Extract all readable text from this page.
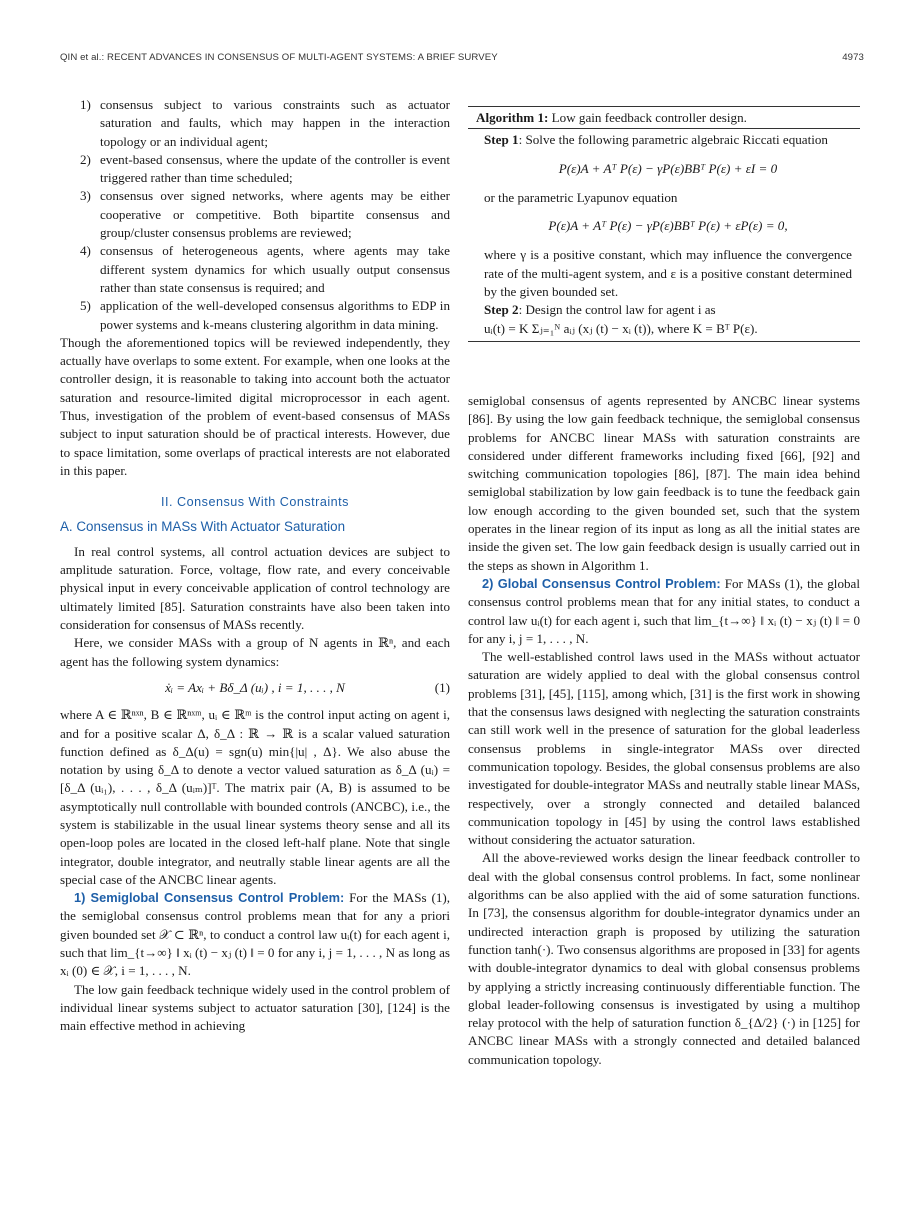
QIN et al.: RECENT ADVANCES IN CONSENSUS OF MULTI-AGENT SYSTEMS: A BRIEF SURVEY	4973
1) consensus subject to various constraints such as actuator saturation and faults, which may happen in the interaction topology or an individual agent;
2) event-based consensus, where the update of the controller is event triggered rather than time scheduled;
3) consensus over signed networks, where agents may be either cooperative or competitive. Both bipartite consensus and group/cluster consensus problems are reviewed;
4) consensus of heterogeneous agents, where agents may take different system dynamics for which usually output consensus rather than state consensus is required; and
5) application of the well-developed consensus algorithms to EDP in power systems and k-means clustering algorithm in data mining.

Though the aforementioned topics will be reviewed independently, they actually have overlaps to some extent. For example, when one looks at the controller design, it is reasonable to taking into account both the actuator saturation and resource-limited digital microprocessor in each agent. Thus, investigation of the problem of event-based consensus of MASs subject to input saturation should be of practical interests. However, due to space limitation, some overlaps of practical interests are not elaborated in this paper.

II. Consensus With Constraints
A. Consensus in MASs With Actuator Saturation

In real control systems, all control actuation devices are subject to amplitude saturation. Force, voltage, flow rate, and every conceivable physical input in every conceivable application of control technology are ultimately limited [85]. Saturation constraints have also been taken into consideration for consensus of MASs recently.

Here, we consider MASs with a group of N agents in ℝⁿ, and each agent has the following system dynamics:

ẋᵢ = Axᵢ + Bδ_Δ (uᵢ) , i = 1, . . . , N	(1)

where A ∈ ℝⁿˣⁿ, B ∈ ℝⁿˣᵐ, uᵢ ∈ ℝᵐ is the control input acting on agent i, and for a positive scalar Δ, δ_Δ : ℝ → ℝ is a scalar valued saturation function defined as δ_Δ(u) = sgn(u) min{|u| , Δ}. We also abuse the notation by using δ_Δ to denote a vector valued saturation as δ_Δ (uᵢ) = [δ_Δ (uᵢ₁), . . . , δ_Δ (uᵢₘ)]ᵀ. The matrix pair (A, B) is assumed to be asymptotically null controllable with bounded controls (ANCBC), i.e., the system is stabilizable in the usual linear systems theory sense and all its open-loop poles are located in the closed left-half plane. Note that single integrator, double integrator, and neutrally stable linear agents are all the special case of the ANCBC linear agents.

1) Semiglobal Consensus Control Problem: For the MASs (1), the semiglobal consensus control problems mean that for any a priori given bounded set 𝒳 ⊂ ℝⁿ, to conduct a control law uᵢ(t) for each agent i, such that lim_{t→∞} ‖ xᵢ (t) − xⱼ (t) ‖ = 0 for any i, j = 1, . . . , N as long as xᵢ (0) ∈ 𝒳, i = 1, . . . , N.

The low gain feedback technique widely used in the control problem of individual linear systems subject to actuator saturation [30], [124] is the main effective method in achieving

Algorithm 1: Low gain feedback controller design.
Step 1: Solve the following parametric algebraic Riccati equation
P(ε)A + Aᵀ P(ε) − γP(ε)BBᵀ P(ε) + εI = 0
or the parametric Lyapunov equation
P(ε)A + Aᵀ P(ε) − γP(ε)BBᵀ P(ε) + εP(ε) = 0,
where γ is a positive constant, which may influence the convergence rate of the multi-agent system, and ε is a positive constant determined by the given bounded set.
Step 2: Design the control law for agent i as
uᵢ(t) = K Σⱼ₌₁ᴺ aᵢⱼ (xⱼ (t) − xᵢ (t)), where K = Bᵀ P(ε).

semiglobal consensus of agents represented by ANCBC linear systems [86]. By using the low gain feedback technique, the semiglobal consensus problems for ANCBC linear MASs with saturation constraints are considered under different frameworks including fixed [66], [92] and switching communication topologies [86], [87]. The main idea behind semiglobal stabilization by low gain feedback is to tune the feedback gain low enough according to the given bounded set, such that the system operates in the linear region of its input as long as all the initial states are inside the given set. The low gain feedback design is usually carried out in the steps as shown in Algorithm 1.

2) Global Consensus Control Problem: For MASs (1), the global consensus control problems mean that for any initial states, to conduct a control law uᵢ(t) for each agent i, such that lim_{t→∞} ‖ xᵢ (t) − xⱼ (t) ‖ = 0 for any i, j = 1, . . . , N.

The well-established control laws used in the MASs without actuator saturation are widely applied to deal with the global consensus control problems [31], [45], [115], among which, [31] is the first work in showing that the consensus laws designed with neglecting the saturation constraints can still work well in the presence of saturation for the global leaderless consensus problems in single-integrator MASs over directed communication topology. Besides, the global consensus problems are also investigated for double-integrator MASs and neutrally stable linear MASs, respectively, over a strongly connected and detailed balanced communication topology in [45] by using the control laws established without considering the actuator saturation.

All the above-reviewed works design the linear feedback controller to deal with the global consensus control problems. In fact, some nonlinear algorithms can be also applied with the aid of some saturation functions. In [73], the consensus algorithm for double-integrator dynamics under an undirected interaction graph is proposed by utilizing the saturation function tanh(·). Two consensus algorithms are proposed in [33] for agents with double-integrator dynamics to deal with global consensus problems by applying a strictly increasing continuously differentiable function. The global leader-following consensus is investigated by using a multihop relay protocol with the help of saturation function δ_{Δ/2} (·) in [125] for ANCBC linear MASs with a strongly connected and detailed balanced communication topology.
